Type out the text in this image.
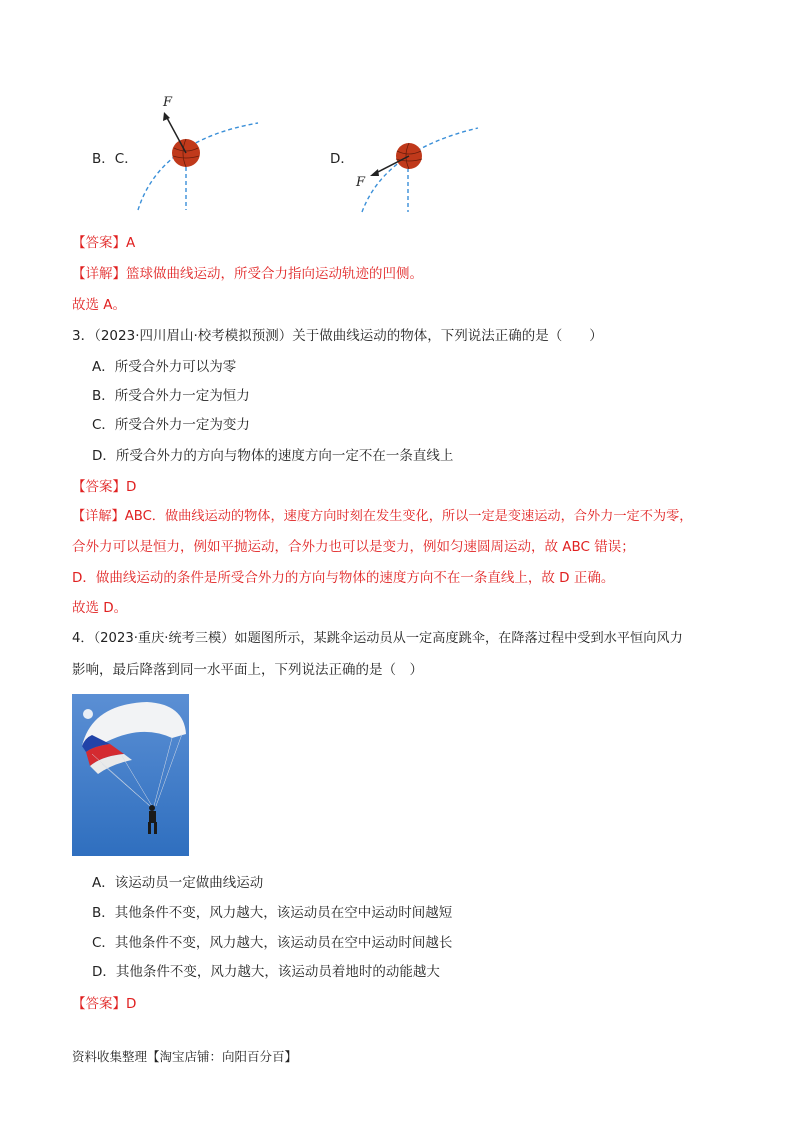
B．C．
F
D．
F
【答案】A
【详解】篮球做曲线运动，所受合力指向运动轨迹的凹侧。
故选 A。
3．（2023·四川眉山·校考模拟预测）关于做曲线运动的物体，下列说法正确的是（　　）
A．所受合外力可以为零
B．所受合外力一定为恒力
C．所受合外力一定为变力
D．所受合外力的方向与物体的速度方向一定不在一条直线上
【答案】D
【详解】ABC．做曲线运动的物体，速度方向时刻在发生变化，所以一定是变速运动，合外力一定不为零，
合外力可以是恒力，例如平抛运动，合外力也可以是变力，例如匀速圆周运动，故 ABC 错误；
D．做曲线运动的条件是所受合外力的方向与物体的速度方向不在一条直线上，故 D 正确。
故选 D。
4．（2023·重庆·统考三模）如题图所示，某跳伞运动员从一定高度跳伞，在降落过程中受到水平恒向风力
影响，最后降落到同一水平面上，下列说法正确的是（　）
A．该运动员一定做曲线运动
B．其他条件不变，风力越大，该运动员在空中运动时间越短
C．其他条件不变，风力越大，该运动员在空中运动时间越长
D．其他条件不变，风力越大，该运动员着地时的动能越大
【答案】D
资料收集整理【淘宝店铺：向阳百分百】
